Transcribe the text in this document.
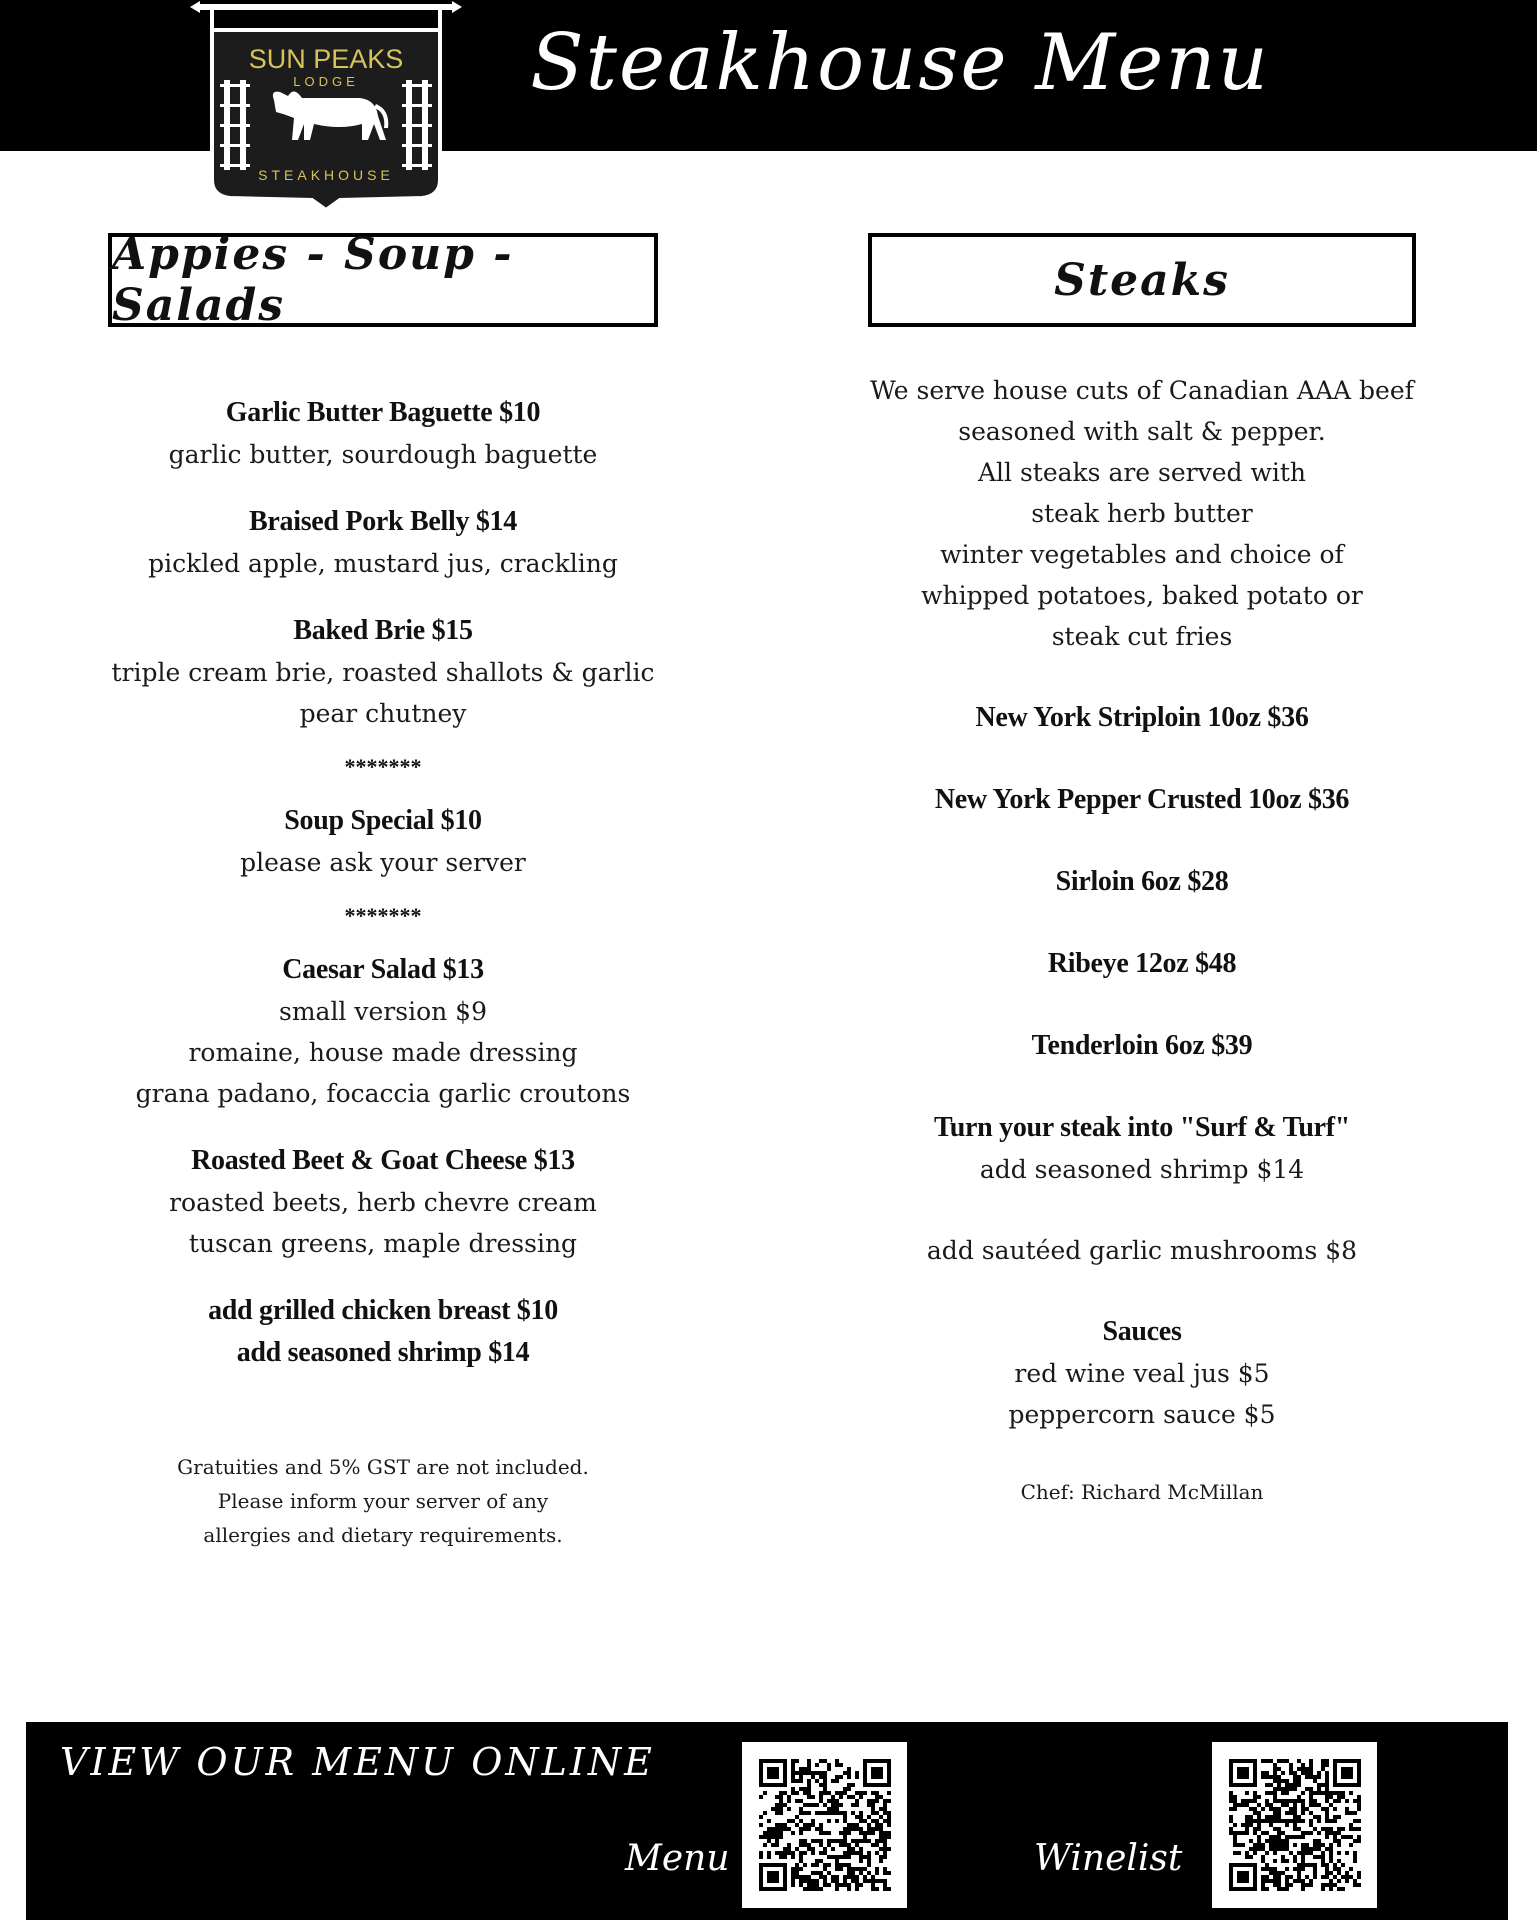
Steakhouse Menu
SUN PEAKS
LODGE
STEAKHOUSE
Appies - Soup - Salads	Steaks
Garlic Butter Baguette $10
garlic butter, sourdough baguette
Braised Pork Belly $14
pickled apple, mustard jus, crackling
Baked Brie $15
triple cream brie, roasted shallots & garlic
pear chutney
*******
Soup Special $10
please ask your server
*******
Caesar Salad $13
small version $9
romaine, house made dressing
grana padano, focaccia garlic croutons
Roasted Beet & Goat Cheese $13
roasted beets, herb chevre cream
tuscan greens, maple dressing
add grilled chicken breast $10
add seasoned shrimp $14
Gratuities and 5% GST are not included.
Please inform your server of any
allergies and dietary requirements.
We serve house cuts of Canadian AAA beef
seasoned with salt & pepper.
All steaks are served with
steak herb butter
winter vegetables and choice of
whipped potatoes, baked potato or
steak cut fries
New York Striploin 10oz $36
New York Pepper Crusted 10oz $36
Sirloin 6oz $28
Ribeye 12oz $48
Tenderloin 6oz $39
Turn your steak into "Surf & Turf"
add seasoned shrimp $14
add sautéed garlic mushrooms $8
Sauces
red wine veal jus $5
peppercorn sauce $5
Chef: Richard McMillan
VIEW OUR MENU ONLINE
Menu	Winelist
